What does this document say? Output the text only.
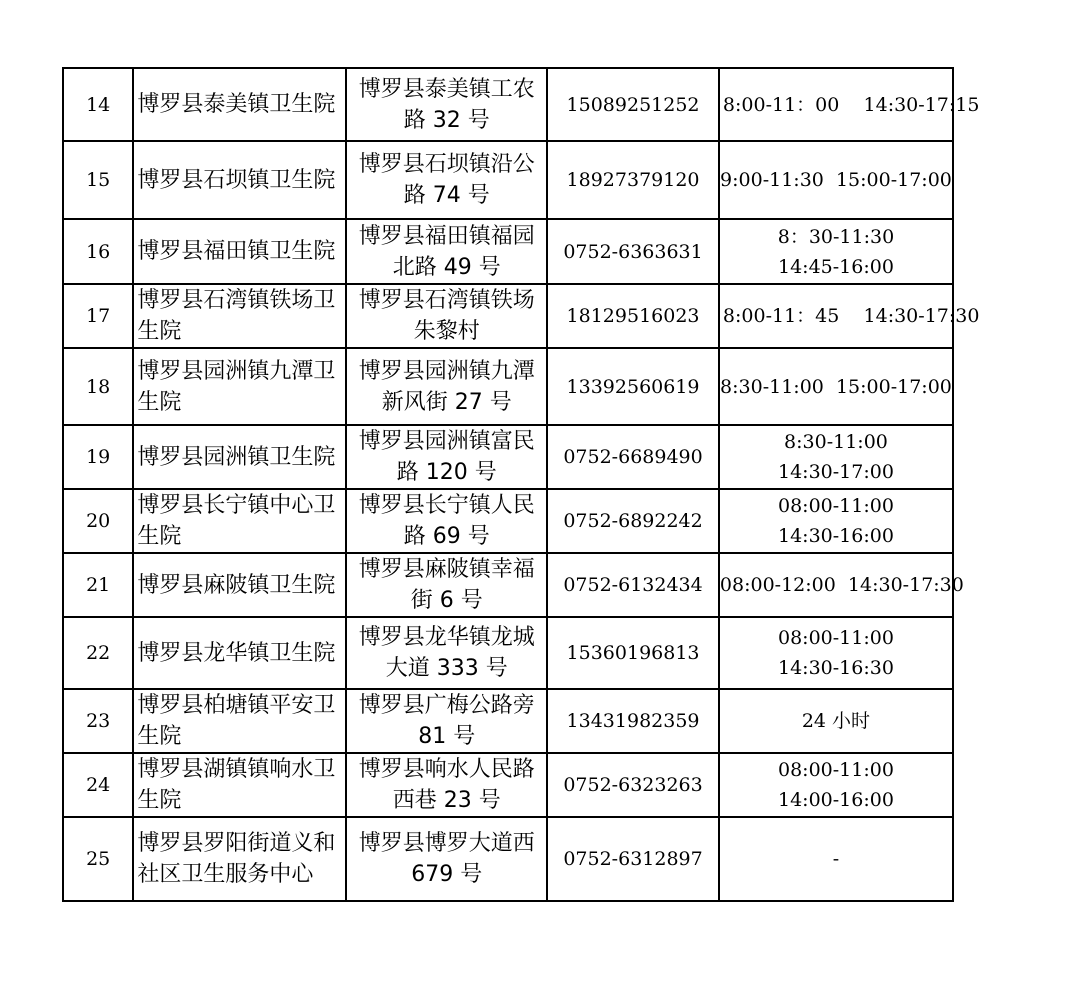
14	博罗县泰美镇卫生院	博罗县泰美镇工农
路 32 号	15089251252	8:00-11：00    14:30-17:15

15	博罗县石坝镇卫生院	博罗县石坝镇沿公
路 74 号	18927379120	9:00-11:30  15:00-17:00

16	博罗县福田镇卫生院	博罗县福田镇福园
北路 49 号	0752-6363631	8：30-11:30
14:45-16:00

17	博罗县石湾镇铁场卫
生院	博罗县石湾镇铁场
朱黎村	18129516023	8:00-11：45    14:30-17:30

18	博罗县园洲镇九潭卫
生院	博罗县园洲镇九潭
新风街 27 号	13392560619	8:30-11:00  15:00-17:00

19	博罗县园洲镇卫生院	博罗县园洲镇富民
路 120 号	0752-6689490	8:30-11:00
14:30-17:00

20	博罗县长宁镇中心卫
生院	博罗县长宁镇人民
路 69 号	0752-6892242	08:00-11:00
14:30-16:00

21	博罗县麻陂镇卫生院	博罗县麻陂镇幸福
街 6 号	0752-6132434	08:00-12:00  14:30-17:30

22	博罗县龙华镇卫生院	博罗县龙华镇龙城
大道 333 号	15360196813	08:00-11:00
14:30-16:30

23	博罗县柏塘镇平安卫
生院	博罗县广梅公路旁
81 号	13431982359	24 小时

24	博罗县湖镇镇响水卫
生院	博罗县响水人民路
西巷 23 号	0752-6323263	08:00-11:00
14:00-16:00

25	博罗县罗阳街道义和
社区卫生服务中心	博罗县博罗大道西
679 号	0752-6312897	-
